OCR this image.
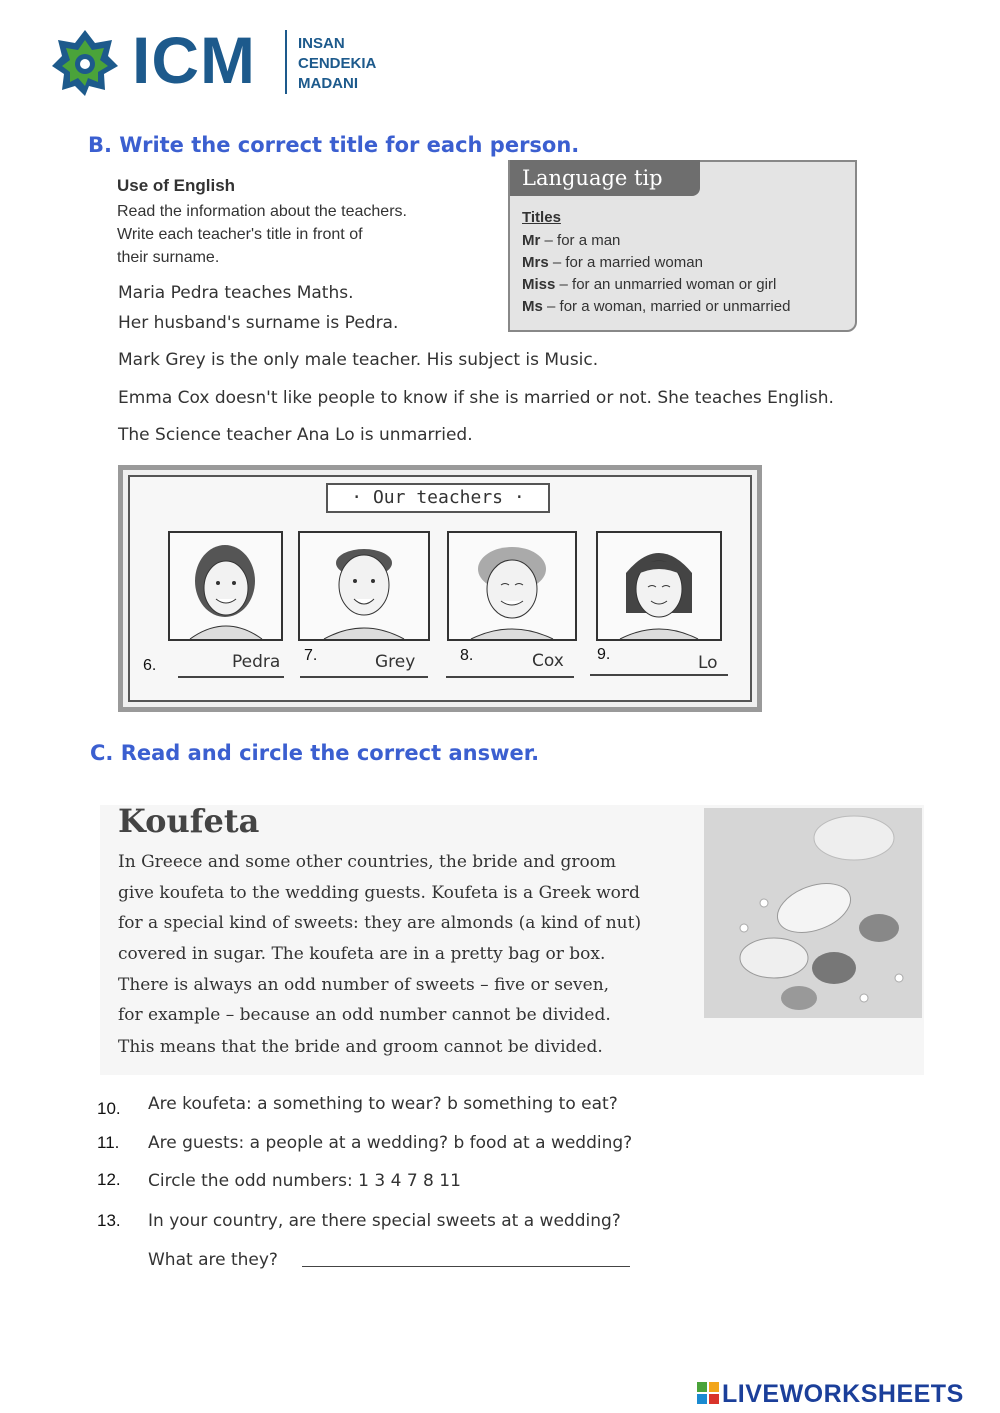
ICM	INSAN
CENDEKIA
MADANI
B. Write the correct title for each person.
Use of English
Read the information about the teachers.
Write each teacher's title in front of
their surname.
Maria Pedra teaches Maths.
Her husband's surname is Pedra.
Mark Grey is the only male teacher. His subject is Music.
Emma Cox doesn't like people to know if she is married or not. She teaches English.
The Science teacher Ana Lo is unmarried.
Language tip
Titles
Mr – for a man
Mrs – for a married woman
Miss – for an unmarried woman or girl
Ms – for a woman, married or unmarried
· Our teachers ·
6.	Pedra 7.	Grey	8.	Cox 9.	Lo
C. Read and circle the correct answer.
Koufeta
In Greece and some other countries, the bride and groom
give koufeta to the wedding guests. Koufeta is a Greek word
for a special kind of sweets: they are almonds (a kind of nut)
covered in sugar. The koufeta are in a pretty bag or box.
There is always an odd number of sweets – five or seven,
for example – because an odd number cannot be divided.
This means that the bride and groom cannot be divided.
10. Are koufeta: a something to wear? b something to eat?
11. Are guests: a people at a wedding? b food at a wedding?
12. Circle the odd numbers: 1 3 4 7 8 11
13. In your country, are there special sweets at a wedding?
What are they?
LIVEWORKSHEETS
